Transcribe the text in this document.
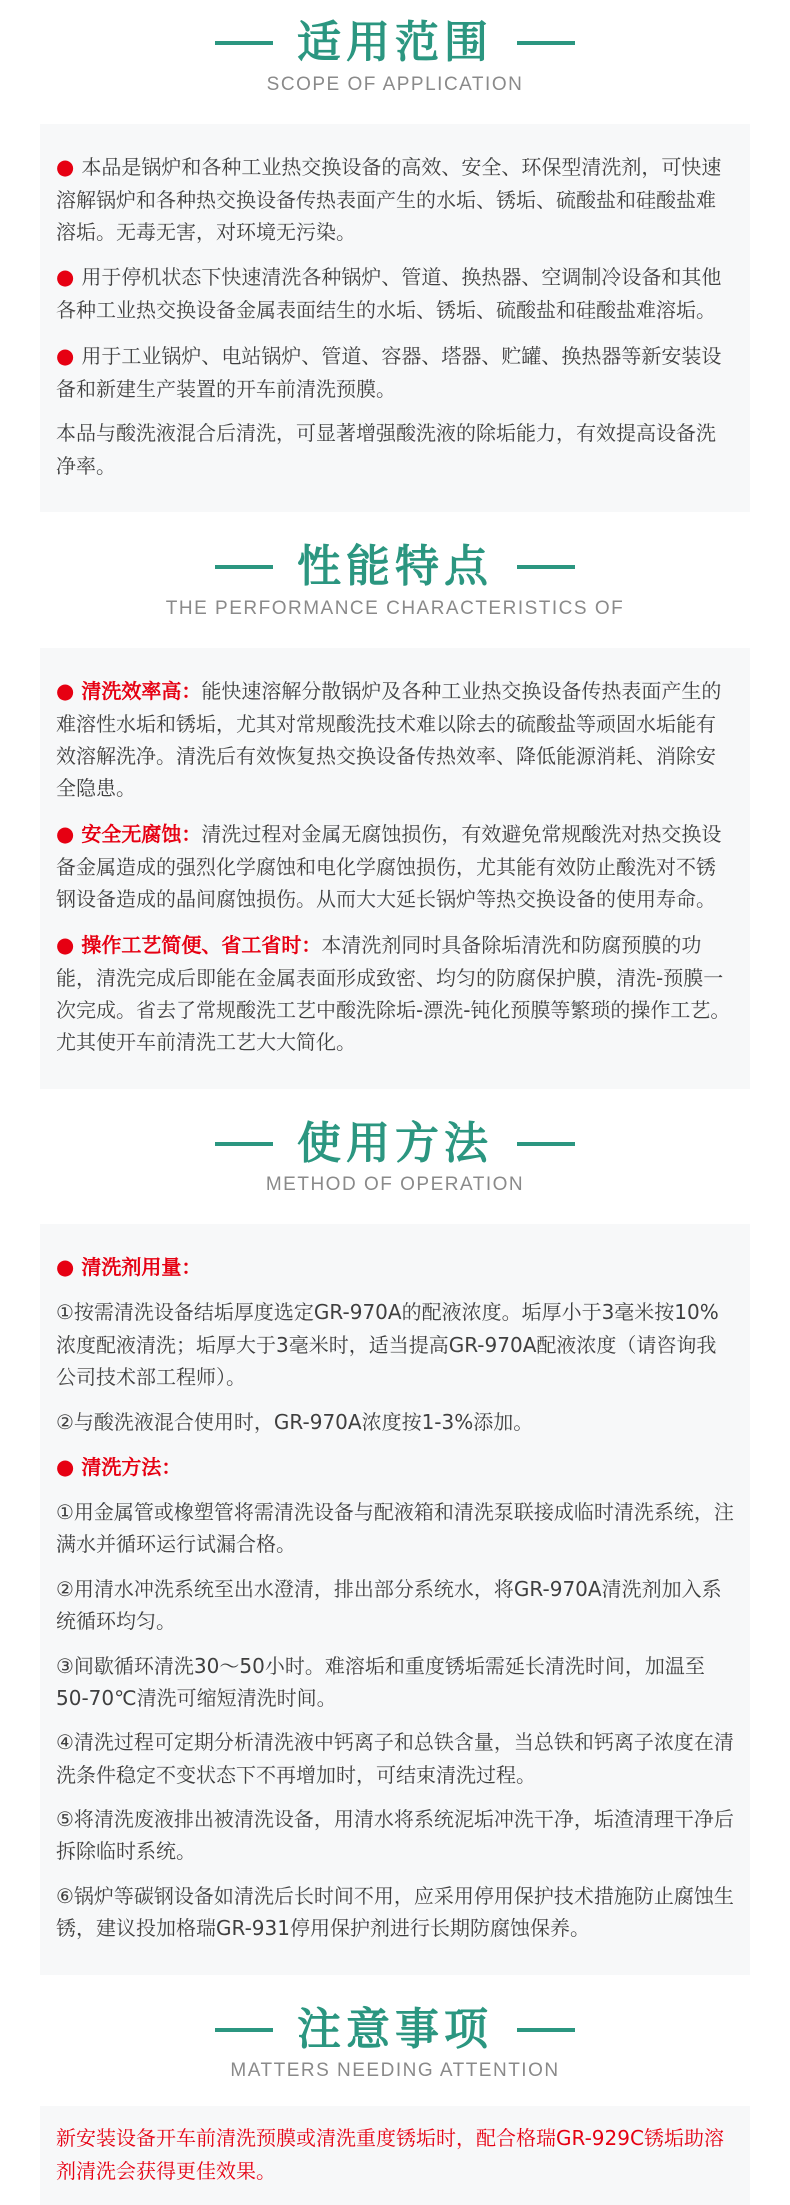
适用范围
SCOPE OF APPLICATION

● 本品是锅炉和各种工业热交换设备的高效、安全、环保型清洗剂，可快速溶解锅炉和各种热交换设备传热表面产生的水垢、锈垢、硫酸盐和硅酸盐难溶垢。无毒无害，对环境无污染。

● 用于停机状态下快速清洗各种锅炉、管道、换热器、空调制冷设备和其他各种工业热交换设备金属表面结生的水垢、锈垢、硫酸盐和硅酸盐难溶垢。

● 用于工业锅炉、电站锅炉、管道、容器、塔器、贮罐、换热器等新安装设备和新建生产装置的开车前清洗预膜。

本品与酸洗液混合后清洗，可显著增强酸洗液的除垢能力，有效提高设备洗净率。

性能特点
THE PERFORMANCE CHARACTERISTICS OF

● 清洗效率高：能快速溶解分散锅炉及各种工业热交换设备传热表面产生的难溶性水垢和锈垢，尤其对常规酸洗技术难以除去的硫酸盐等顽固水垢能有效溶解洗净。清洗后有效恢复热交换设备传热效率、降低能源消耗、消除安全隐患。

● 安全无腐蚀：清洗过程对金属无腐蚀损伤，有效避免常规酸洗对热交换设备金属造成的强烈化学腐蚀和电化学腐蚀损伤，尤其能有效防止酸洗对不锈钢设备造成的晶间腐蚀损伤。从而大大延长锅炉等热交换设备的使用寿命。

● 操作工艺简便、省工省时：本清洗剂同时具备除垢清洗和防腐预膜的功能，清洗完成后即能在金属表面形成致密、均匀的防腐保护膜，清洗-预膜一次完成。省去了常规酸洗工艺中酸洗除垢-漂洗-钝化预膜等繁琐的操作工艺。尤其使开车前清洗工艺大大简化。

使用方法
METHOD OF OPERATION

● 清洗剂用量：

①按需清洗设备结垢厚度选定GR-970A的配液浓度。垢厚小于3毫米按10%浓度配液清洗；垢厚大于3毫米时，适当提高GR-970A配液浓度（请咨询我公司技术部工程师）。

②与酸洗液混合使用时，GR-970A浓度按1-3%添加。

● 清洗方法：

①用金属管或橡塑管将需清洗设备与配液箱和清洗泵联接成临时清洗系统，注满水并循环运行试漏合格。

②用清水冲洗系统至出水澄清，排出部分系统水，将GR-970A清洗剂加入系统循环均匀。

③间歇循环清洗30～50小时。难溶垢和重度锈垢需延长清洗时间，加温至50-70℃清洗可缩短清洗时间。

④清洗过程可定期分析清洗液中钙离子和总铁含量，当总铁和钙离子浓度在清洗条件稳定不变状态下不再增加时，可结束清洗过程。

⑤将清洗废液排出被清洗设备，用清水将系统泥垢冲洗干净，垢渣清理干净后拆除临时系统。

⑥锅炉等碳钢设备如清洗后长时间不用，应采用停用保护技术措施防止腐蚀生锈，建议投加格瑞GR-931停用保护剂进行长期防腐蚀保养。

注意事项
MATTERS NEEDING ATTENTION
新安装设备开车前清洗预膜或清洗重度锈垢时，配合格瑞GR-929C锈垢助溶剂清洗会获得更佳效果。
